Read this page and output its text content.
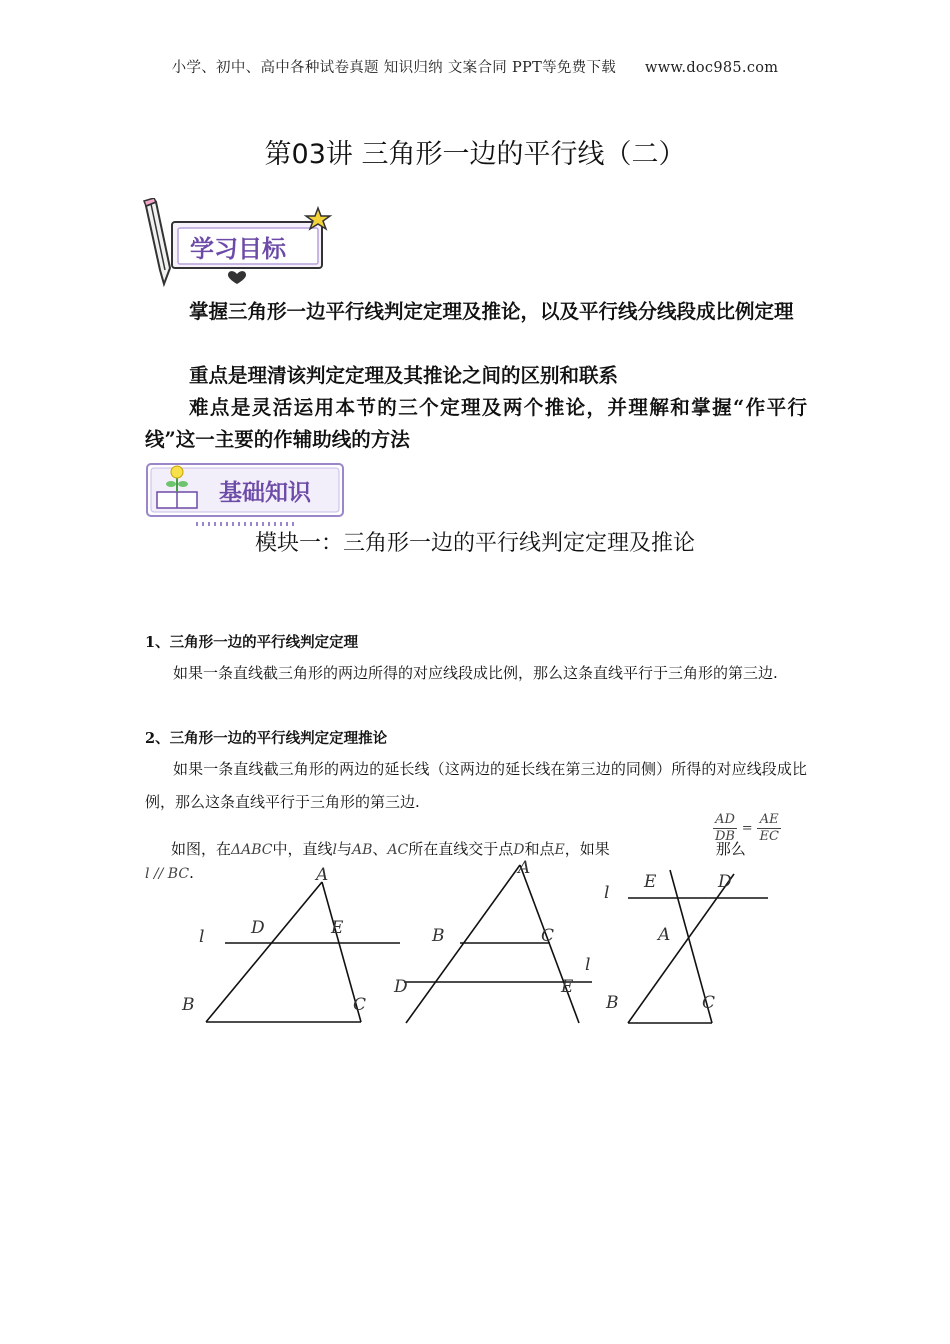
小学、初中、高中各种试卷真题 知识归纳 文案合同 PPT等免费下载 www.doc985.com
第03讲 三角形一边的平行线（二）
学习目标
掌握三角形一边平行线判定定理及推论，以及平行线分线段成比例定理
重点是理清该判定定理及其推论之间的区别和联系
难点是灵活运用本节的三个定理及两个推论，并理解和掌握“作平行线”这一主要的作辅助线的方法
基础知识
模块一：三角形一边的平行线判定定理及推论
1、三角形一边的平行线判定定理
如果一条直线截三角形的两边所得的对应线段成比例，那么这条直线平行于三角形的第三边.
2、三角形一边的平行线判定定理推论
如果一条直线截三角形的两边的延长线（这两边的延长线在第三边的同侧）所得的对应线段成比例，那么这条直线平行于三角形的第三边.
$\frac{AD}{DB} = \frac{AE}{EC}$
如图，在ΔABC中，直线l与AB、AC所在直线交于点D和点E，如果	那么
l // BC.	A
B	C
D	E
l
A
B	C
D	E
l
E	D
A
B	C
l
